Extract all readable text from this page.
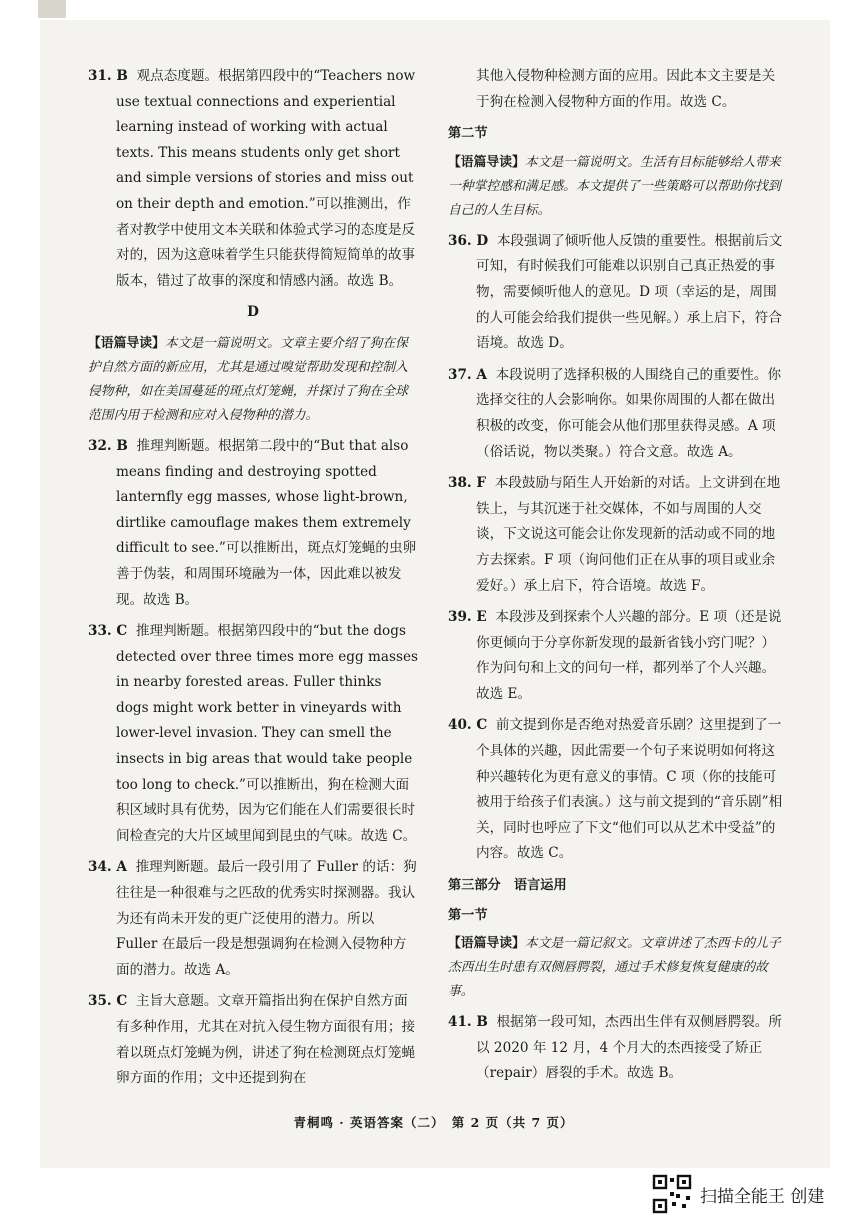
31. B 观点态度题。根据第四段中的“Teachers now use textual connections and experiential learning instead of working with actual texts. This means students only get short and simple versions of stories and miss out on their depth and emotion.”可以推测出，作者对教学中使用文本关联和体验式学习的态度是反对的，因为这意味着学生只能获得简短简单的故事版本，错过了故事的深度和情感内涵。故选 B。
D
【语篇导读】本文是一篇说明文。文章主要介绍了狗在保护自然方面的新应用，尤其是通过嗅觉帮助发现和控制入侵物种，如在美国蔓延的斑点灯笼蝇，并探讨了狗在全球范围内用于检测和应对入侵物种的潜力。
32. B 推理判断题。根据第二段中的“But that also means finding and destroying spotted lanternfly egg masses, whose light-brown, dirtlike camouflage makes them extremely difficult to see.”可以推断出，斑点灯笼蝇的虫卵善于伪装，和周围环境融为一体，因此难以被发现。故选 B。
33. C 推理判断题。根据第四段中的“but the dogs detected over three times more egg masses in nearby forested areas. Fuller thinks dogs might work better in vineyards with lower-level invasion. They can smell the insects in big areas that would take people too long to check.”可以推断出，狗在检测大面积区域时具有优势，因为它们能在人们需要很长时间检查完的大片区域里闻到昆虫的气味。故选 C。
34. A 推理判断题。最后一段引用了 Fuller 的话：狗往往是一种很难与之匹敌的优秀实时探测器。我认为还有尚未开发的更广泛使用的潜力。所以 Fuller 在最后一段是想强调狗在检测入侵物种方面的潜力。故选 A。
35. C 主旨大意题。文章开篇指出狗在保护自然方面有多种作用，尤其在对抗入侵生物方面很有用；接着以斑点灯笼蝇为例，讲述了狗在检测斑点灯笼蝇卵方面的作用；文中还提到狗在
其他入侵物种检测方面的应用。因此本文主要是关于狗在检测入侵物种方面的作用。故选 C。
第二节
【语篇导读】本文是一篇说明文。生活有目标能够给人带来一种掌控感和满足感。本文提供了一些策略可以帮助你找到自己的人生目标。
36. D 本段强调了倾听他人反馈的重要性。根据前后文可知，有时候我们可能难以识别自己真正热爱的事物，需要倾听他人的意见。D 项（幸运的是，周围的人可能会给我们提供一些见解。）承上启下，符合语境。故选 D。
37. A 本段说明了选择积极的人围绕自己的重要性。你选择交往的人会影响你。如果你周围的人都在做出积极的改变，你可能会从他们那里获得灵感。A 项（俗话说，物以类聚。）符合文意。故选 A。
38. F 本段鼓励与陌生人开始新的对话。上文讲到在地铁上，与其沉迷于社交媒体，不如与周围的人交谈，下文说这可能会让你发现新的活动或不同的地方去探索。F 项（询问他们正在从事的项目或业余爱好。）承上启下，符合语境。故选 F。
39. E 本段涉及到探索个人兴趣的部分。E 项（还是说你更倾向于分享你新发现的最新省钱小窍门呢？）作为问句和上文的问句一样，都列举了个人兴趣。故选 E。
40. C 前文提到你是否绝对热爱音乐剧？这里提到了一个具体的兴趣，因此需要一个句子来说明如何将这种兴趣转化为更有意义的事情。C 项（你的技能可被用于给孩子们表演。）这与前文提到的“音乐剧”相关，同时也呼应了下文“他们可以从艺术中受益”的内容。故选 C。
第三部分　语言运用
第一节
【语篇导读】本文是一篇记叙文。文章讲述了杰西卡的儿子杰西出生时患有双侧唇腭裂，通过手术修复恢复健康的故事。
41. B 根据第一段可知，杰西出生伴有双侧唇腭裂。所以 2020 年 12 月，4 个月大的杰西接受了矫正（repair）唇裂的手术。故选 B。
青桐鸣 · 英语答案（二）　第 2 页（共 7 页）
扫描全能王 创建
